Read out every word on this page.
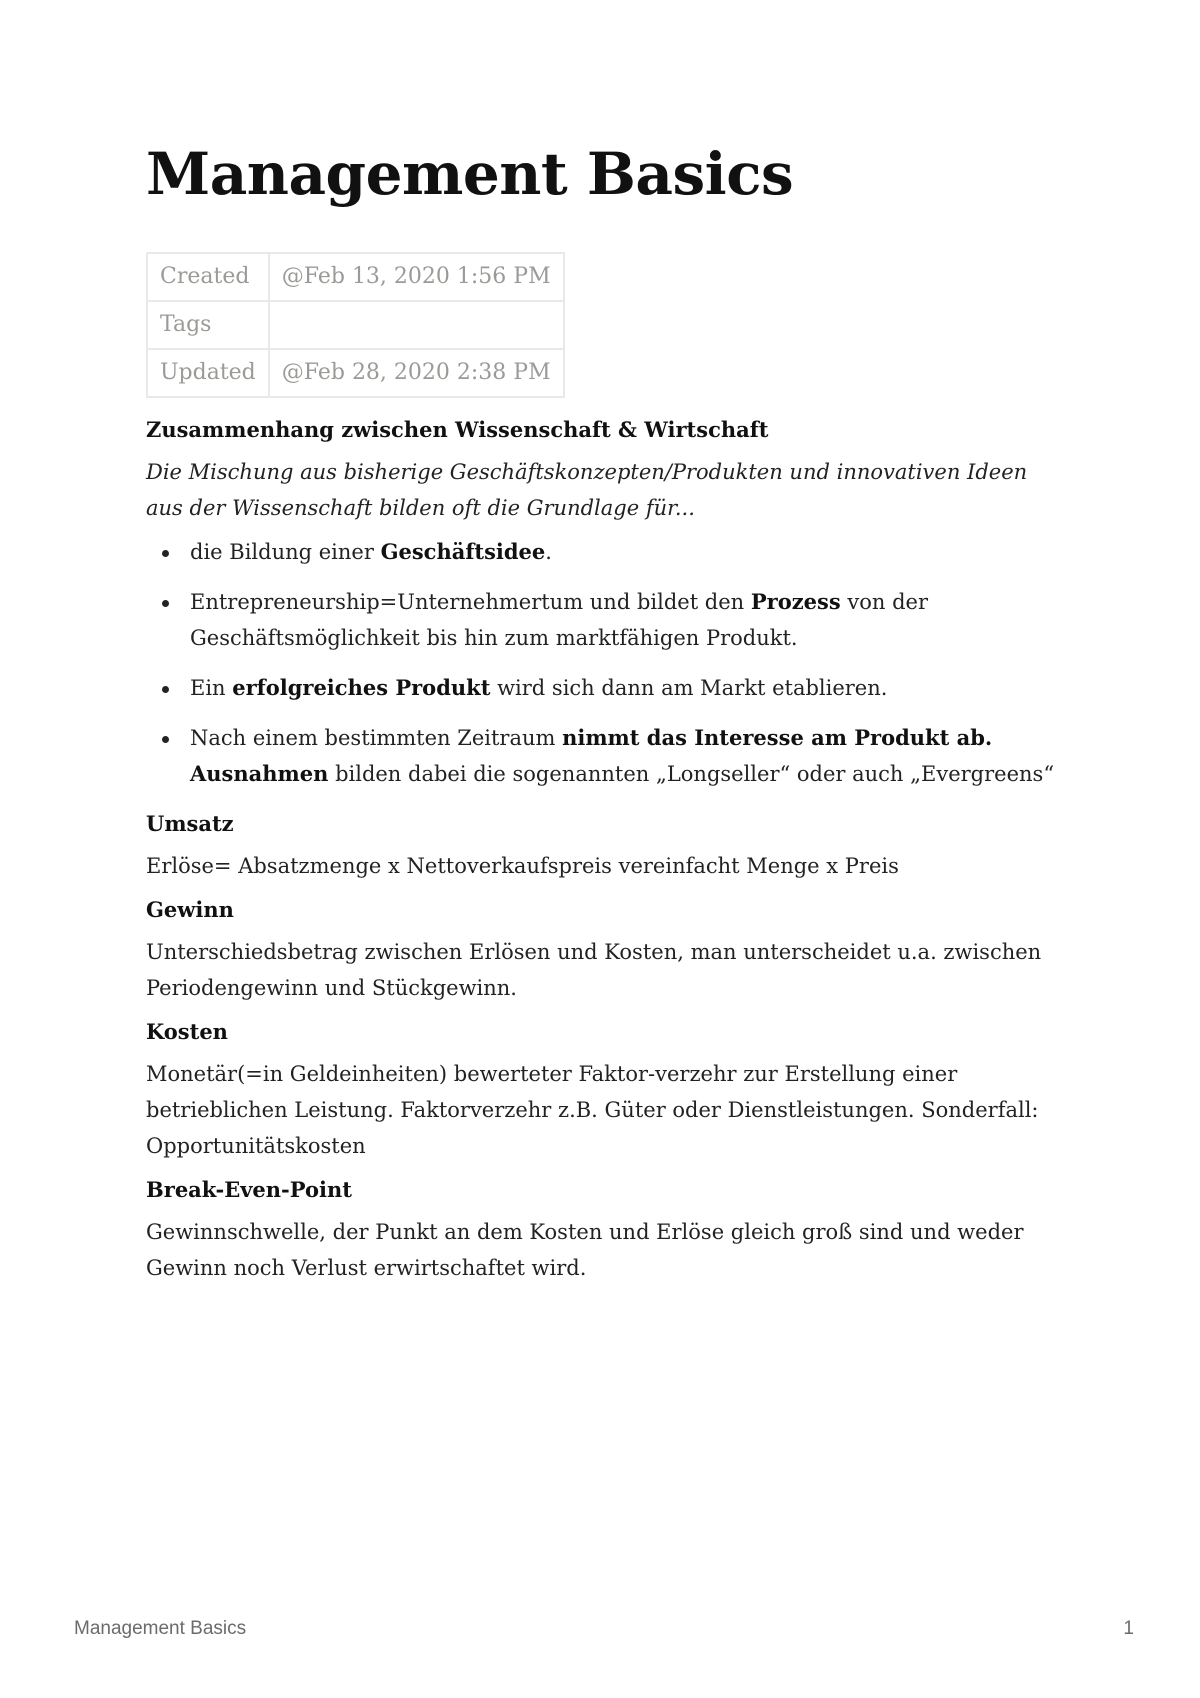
Management Basics
Created	@Feb 13, 2020 1:56 PM
Tags	
Updated	@Feb 28, 2020 2:38 PM

Zusammenhang zwischen Wissenschaft & Wirtschaft

Die Mischung aus bisherige Geschäftskonzepten/Produkten und innovativen Ideen aus der Wissenschaft bilden oft die Grundlage für...

die Bildung einer Geschäftsidee.
Entrepreneurship=Unternehmertum und bildet den Prozess von der Geschäftsmöglichkeit bis hin zum marktfähigen Produkt.
Ein erfolgreiches Produkt wird sich dann am Markt etablieren.
Nach einem bestimmten Zeitraum nimmt das Interesse am Produkt ab. Ausnahmen bilden dabei die sogenannten „Longseller“ oder auch „Evergreens“

Umsatz

Erlöse= Absatzmenge x Nettoverkaufspreis vereinfacht Menge x Preis

Gewinn

Unterschiedsbetrag zwischen Erlösen und Kosten, man unterscheidet u.a. zwischen Periodengewinn und Stückgewinn.

Kosten

Monetär(=in Geldeinheiten) bewerteter Faktor-verzehr zur Erstellung einer betrieblichen Leistung. Faktorverzehr z.B. Güter oder Dienstleistungen. Sonderfall: Opportunitätskosten

Break-Even-Point

Gewinnschwelle, der Punkt an dem Kosten und Erlöse gleich groß sind und weder Gewinn noch Verlust erwirtschaftet wird.

Management Basics	1
